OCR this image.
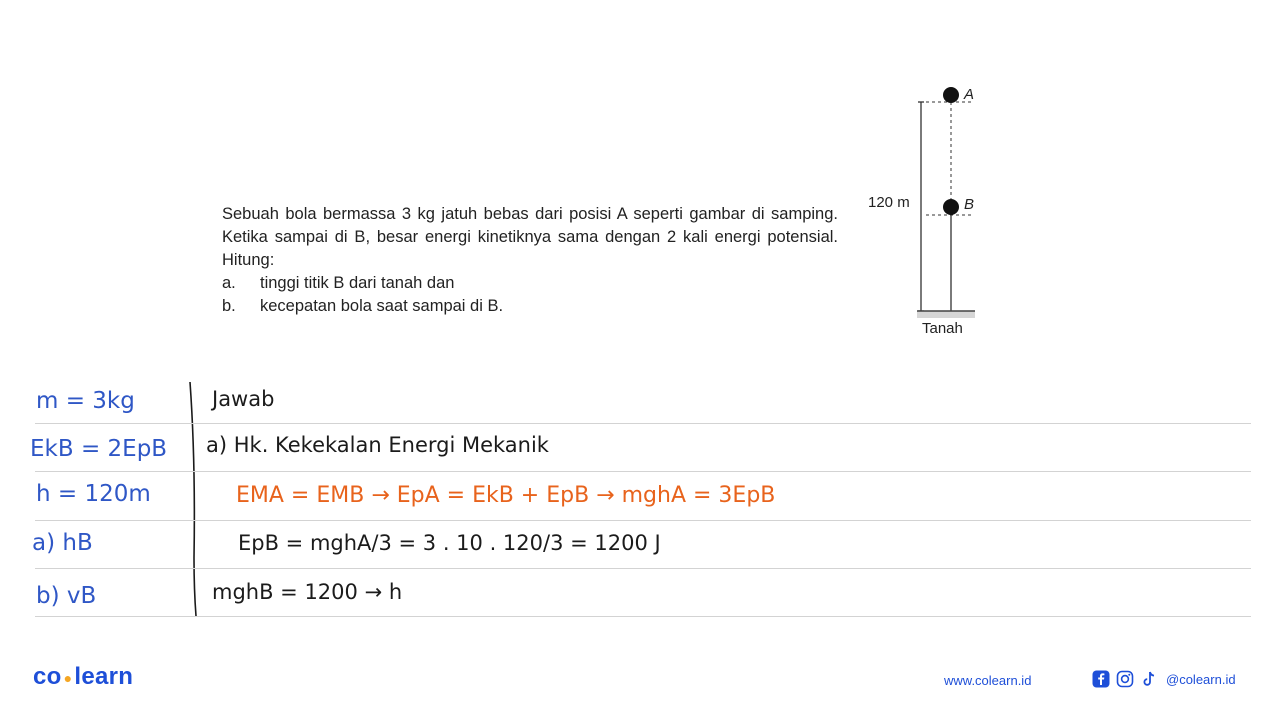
Sebuah bola bermassa 3 kg jatuh bebas dari posisi A seperti gambar di samping. Ketika sampai di B, besar energi kinetiknya sama dengan 2 kali energi potensial. Hitung:

a.	tinggi titik B dari tanah dan
b.	kecepatan bola saat sampai di B.
A
B
120 m
Tanah
m = 3kg
EkB = 2EpB
h = 120m
a) hB
b) vB
Jawab
a) Hk. Kekekalan Energi Mekanik
EMA = EMB → EpA = EkB + EpB → mghA = 3EpB
EpB = mghA/3 = 3 . 10 . 120/3 = 1200 J
mghB = 1200 → h
co ●learn	www.colearn.id	@colearn.id
